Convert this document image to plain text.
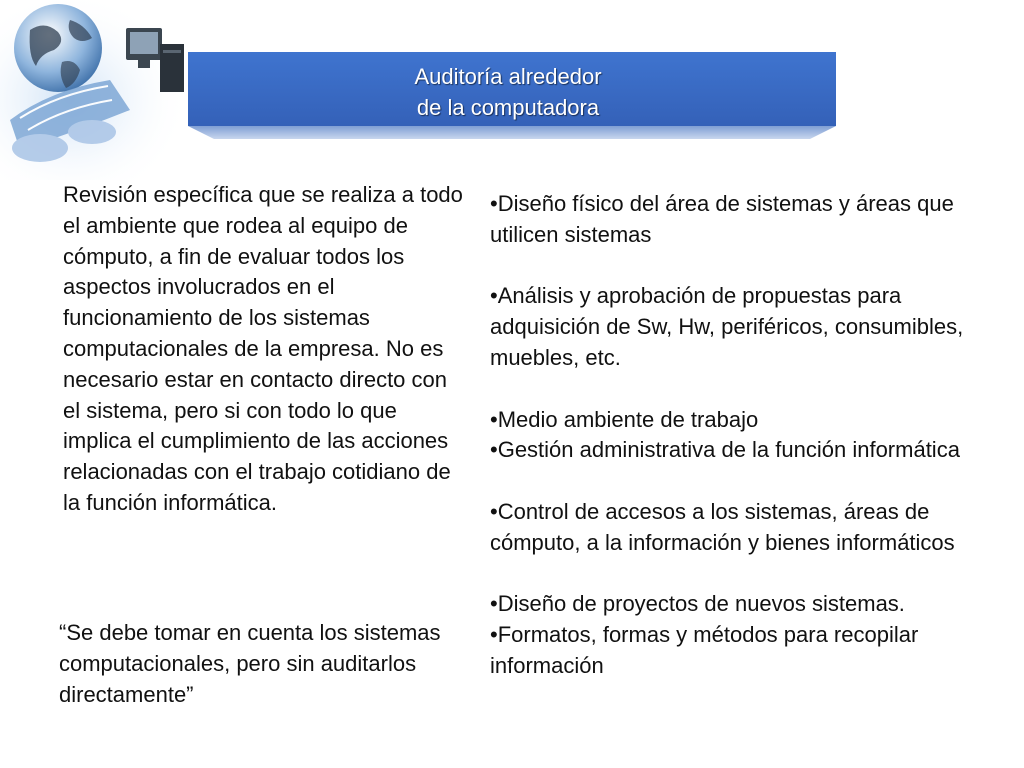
Auditoría alrededor
de la computadora

Revisión específica que se realiza a todo el ambiente que rodea al equipo de cómputo, a fin de evaluar todos los aspectos involucrados en el funcionamiento de los sistemas computacionales de la empresa. No es necesario estar en contacto directo con el sistema, pero si con todo lo que implica el cumplimiento de las acciones relacionadas con el trabajo cotidiano de la función informática.

“Se debe tomar en cuenta los sistemas computacionales, pero sin auditarlos directamente”

•Diseño físico del área de sistemas y áreas que utilicen sistemas

•Análisis y aprobación de propuestas para adquisición de Sw, Hw, periféricos, consumibles, muebles, etc.

•Medio ambiente de trabajo

•Gestión administrativa de la función informática

•Control de accesos a los sistemas, áreas de cómputo, a la información y bienes informáticos

•Diseño de proyectos de nuevos sistemas.

•Formatos, formas y métodos para recopilar información
